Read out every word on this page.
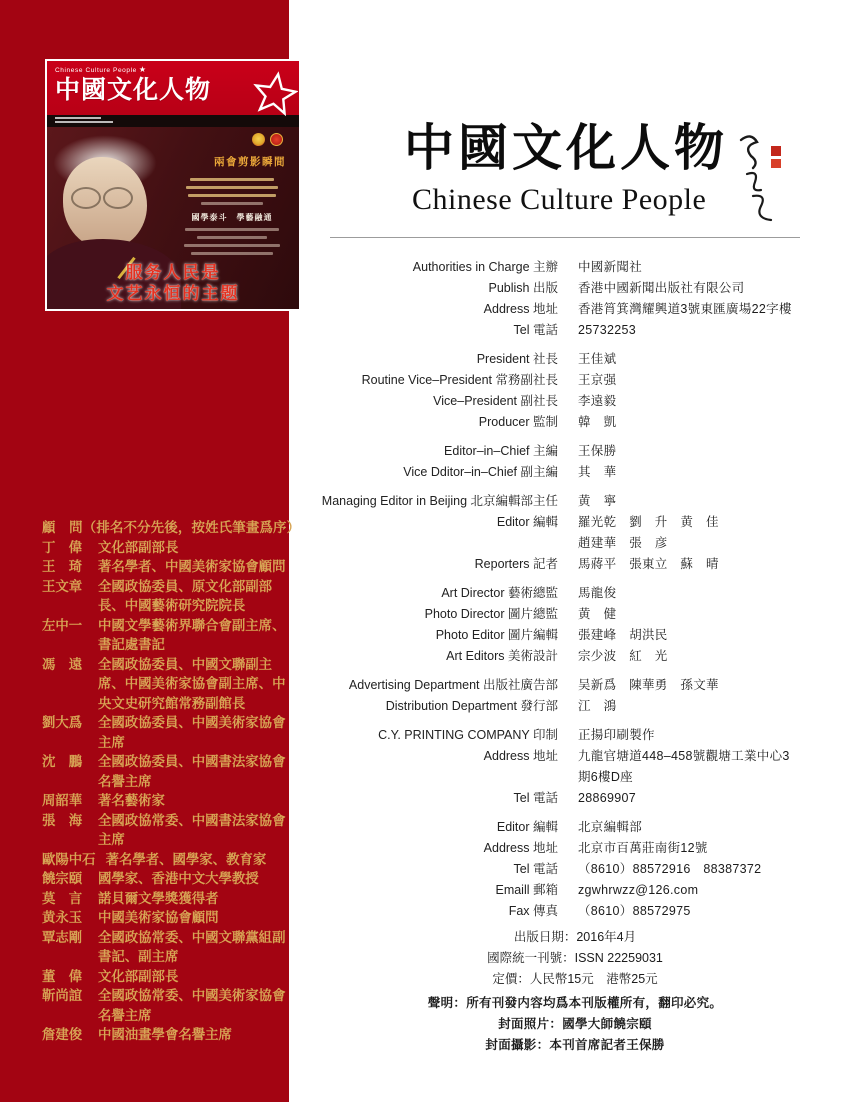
Chinese Culture People ★
中國文化人物
兩會剪影瞬間
國學泰斗　學藝融通
服务人民是
文艺永恒的主题
顧　問（排名不分先後，按姓氏筆畫爲序）
丁　偉	文化部副部長
王　琦	著名學者、中國美術家協會顧問
王文章	全國政協委員、原文化部副部長、中國藝術研究院院長
左中一	中國文學藝術界聯合會副主席、書記處書記
馮　遠	全國政協委員、中國文聯副主席、中國美術家協會副主席、中央文史研究館常務副館長
劉大爲	全國政協委員、中國美術家協會主席
沈　鵬	全國政協委員、中國書法家協會名譽主席
周韶華	著名藝術家
張　海	全國政協常委、中國書法家協會主席
歐陽中石 著名學者、國學家、教育家
饒宗頤	國學家、香港中文大學教授
莫　言	諾貝爾文學獎獲得者
黄永玉	中國美術家協會顧問
覃志剛	全國政協常委、中國文聯黨組副書記、副主席
董　偉	文化部副部長
靳尚誼	全國政協常委、中國美術家協會名譽主席
詹建俊	中國油畫學會名譽主席
中國文化人物
Chinese Culture People
Authorities in Charge 主辦 中國新聞社
Publish 出版 香港中國新聞出版社有限公司
Address 地址 香港筲箕灣耀興道3號東匯廣場22字樓
Tel 電話 25732253
President 社長 王佳斌
Routine Vice–President 常務副社長 王京强
Vice–President 副社長 李遠毅
Producer 監制 韓　凱
Editor–in–Chief 主編 王保勝
Vice Dditor–in–Chief 副主編 其　華
Managing Editor in Beijing 北京編輯部主任 黄　寧
Editor 編輯 羅光乾　劉　升　黄　佳
趙建華　張　彦
Reporters 記者 馬蔣平　張東立　蘇　晴
Art Director 藝術總監 馬龍俊
Photo Director 圖片總監 黄　健
Photo Editor 圖片編輯 張建峰　胡洪民
Art Editors 美術設計 宗少波　紅　光
Advertising Department 出版社廣告部 吴新爲　陳華勇　孫文華
Distribution Department 發行部 江　鴻
C.Y. PRINTING COMPANY 印制 正揚印刷製作
Address 地址 九龍官塘道448–458號觀塘工業中心3
期6樓D座
Tel 電話 28869907
Editor 編輯 北京編輯部
Address 地址 北京市百萬莊南街12號
Tel 電話 （8610）88572916　88387372
Emaill 郵箱 zgwhrwzz@126.com
Fax 傳真 （8610）88572975
出版日期：2016年4月
國際統一刊號：ISSN 22259031
定價：人民幣15元　港幣25元
聲明：所有刊發内容均爲本刊版權所有，翻印必究。
封面照片：國學大師饒宗頤
封面攝影：本刊首席記者王保勝
